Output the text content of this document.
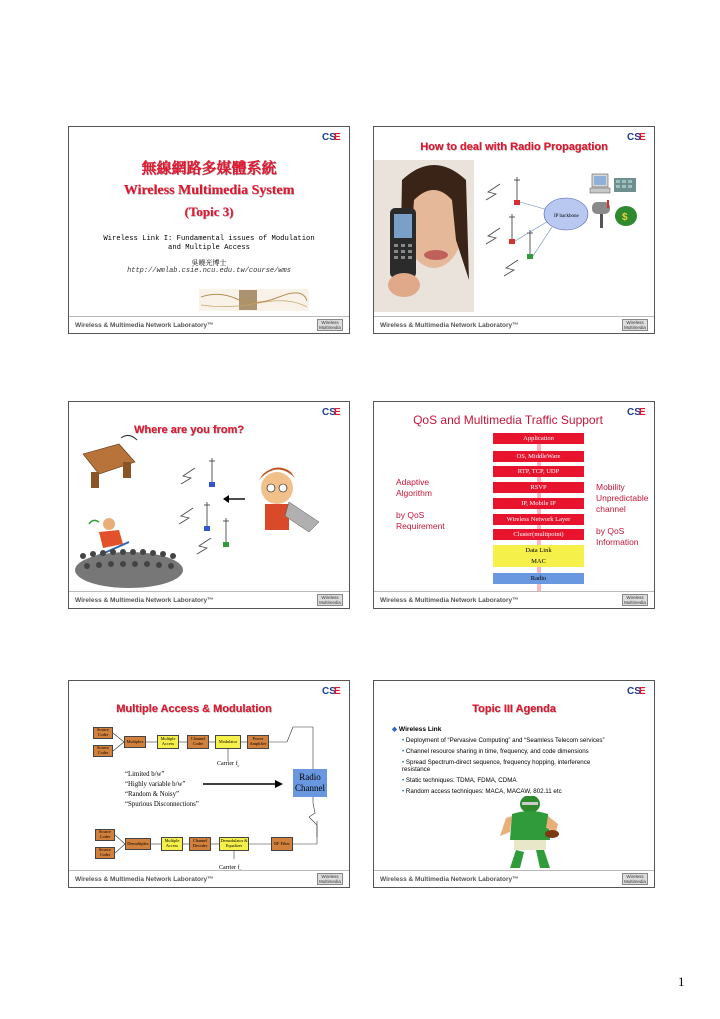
CS
E
無線網路多媒體系統
Wireless Multimedia System
(Topic 3)
Wireless Link I: Fundamental issues of Modulation
and Multiple Access
吳曉光博士
http://wmlab.csie.ncu.edu.tw/course/wms
Wireless & Multimedia Network Laboratory™	Wireless Multimedia
CS
E
How to deal with Radio Propagation
IP backbone	$
Wireless & Multimedia Network Laboratory™	Wireless Multimedia
CS
E
Where are you from?
Wireless & Multimedia Network Laboratory™	Wireless Multimedia
CS
E
QoS and Multimedia Traffic Support
Application
OS, MiddleWare
RTP, TCP, UDP
RSVP
IP, Mobile IP
Wireless Network Layer
Cluster(multipoint)
Data Link
MAC
Radio
Adaptive
Algorithm
by QoS
Requirement
Mobility
Unpredictable
channel
by QoS
Information
Wireless & Multimedia Network Laboratory™	Wireless Multimedia
CS
E
Multiple Access & Modulation
Source Coder
Source Coder
Multiplex	Multiple Access
Channel Coder	Modulator	Power Amplifier
Carrier $f_c$
“Limited b/w”
“Highly variable b/w”
“Random & Noisy”
“Spurious Disconnections”
Radio Channel
Source Coder
Source Coder
Demultiplex	Multiple Access
Channel Decoder
Demodulator & Equalizer	RF Filter
Carrier $f_c$
Wireless & Multimedia Network Laboratory™	Wireless Multimedia
CS
E
Topic III Agenda
◆ Wireless Link
• Deployment of “Pervasive Computing” and “Seamless Telecom services”
• Channel resource sharing in time, frequency, and code dimensions
• Spread Spectrum-direct sequence, frequency hopping, interference resistance
• Static techniques: TDMA, FDMA, CDMA
• Random access techniques: MACA, MACAW, 802.11 etc
Wireless & Multimedia Network Laboratory™	Wireless Multimedia
1
